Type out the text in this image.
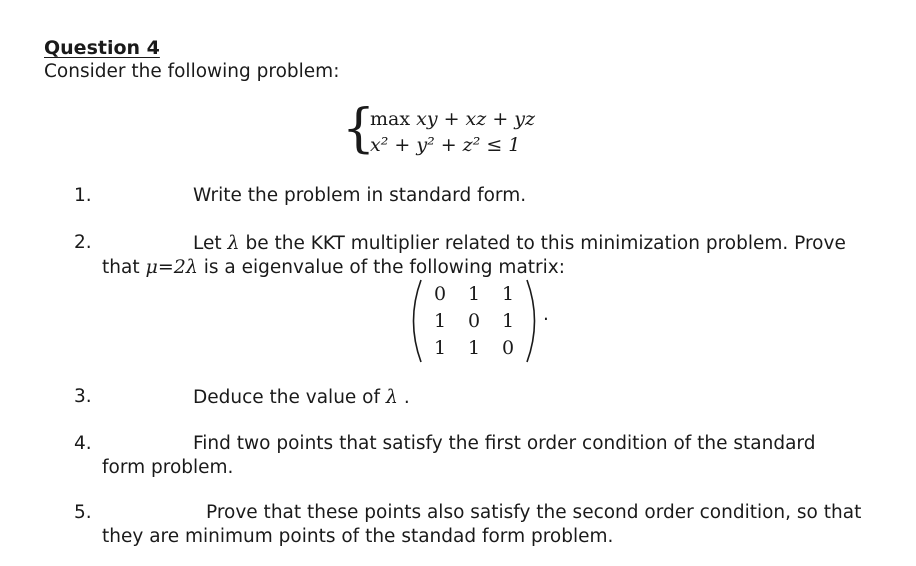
Question 4
Consider the following problem:
{
max xy + xz + yz
x² + y² + z² ≤ 1
1.	Write the problem in standard form.
2.	Let λ be the KKT multiplier related to this minimization problem. Prove
that μ=2λ is a eigenvalue of the following matrix:
0 1 1
1 0 1
1 1 0
.
3.	Deduce the value of λ .
4.	Find two points that satisfy the first order condition of the standard
form problem.
5.	Prove that these points also satisfy the second order condition, so that
they are minimum points of the standad form problem.
